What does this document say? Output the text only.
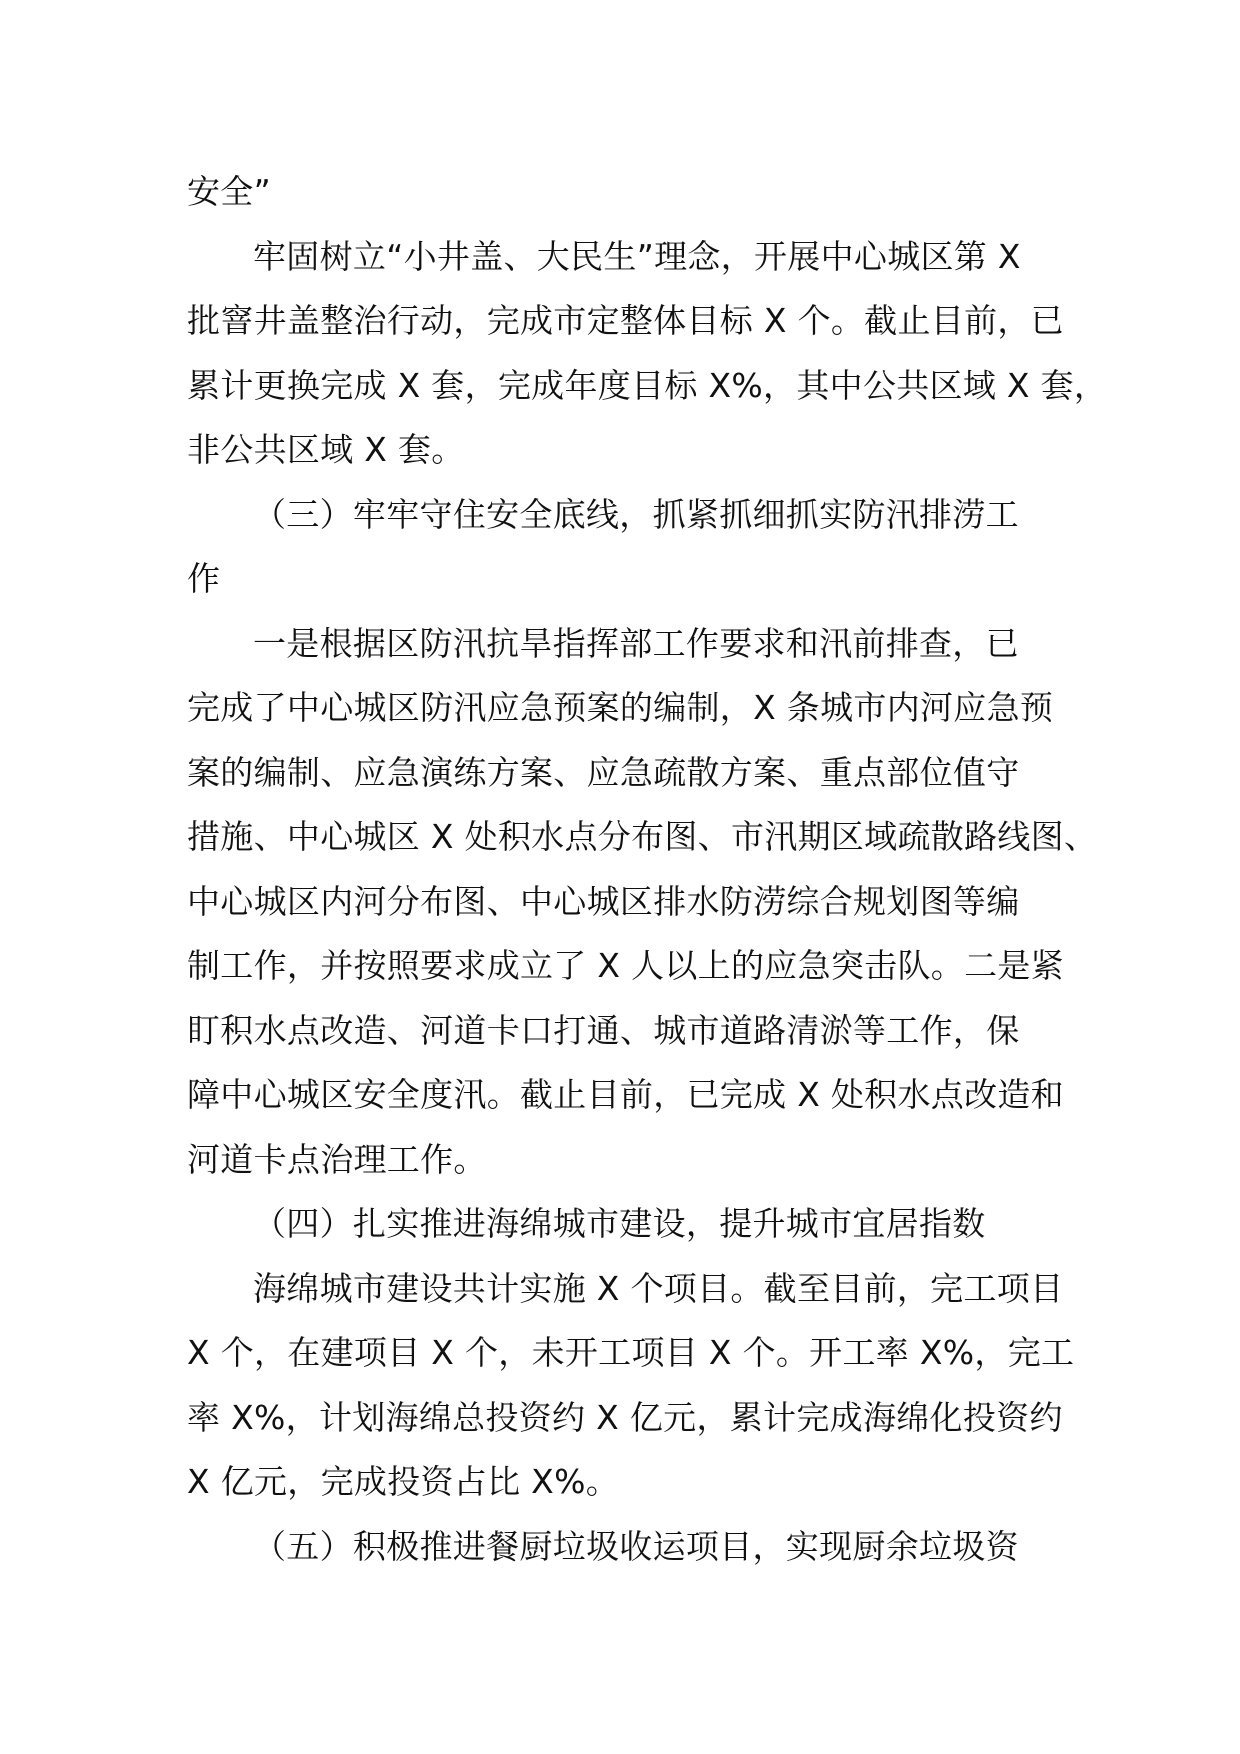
安全”
牢固树立“小井盖、大民生”理念，开展中心城区第 X
批窨井盖整治行动，完成市定整体目标 X 个。截止目前，已
累计更换完成 X 套，完成年度目标 X%，其中公共区域 X 套，
非公共区域 X 套。
（三）牢牢守住安全底线，抓紧抓细抓实防汛排涝工
作
一是根据区防汛抗旱指挥部工作要求和汛前排查，已
完成了中心城区防汛应急预案的编制，X 条城市内河应急预
案的编制、应急演练方案、应急疏散方案、重点部位值守
措施、中心城区 X 处积水点分布图、市汛期区域疏散路线图、
中心城区内河分布图、中心城区排水防涝综合规划图等编
制工作，并按照要求成立了 X 人以上的应急突击队。二是紧
盯积水点改造、河道卡口打通、城市道路清淤等工作，保
障中心城区安全度汛。截止目前，已完成 X 处积水点改造和
河道卡点治理工作。
（四）扎实推进海绵城市建设，提升城市宜居指数
海绵城市建设共计实施 X 个项目。截至目前，完工项目
X 个，在建项目 X 个，未开工项目 X 个。开工率 X%，完工
率 X%，计划海绵总投资约 X 亿元，累计完成海绵化投资约
X 亿元，完成投资占比 X%。
（五）积极推进餐厨垃圾收运项目，实现厨余垃圾资
